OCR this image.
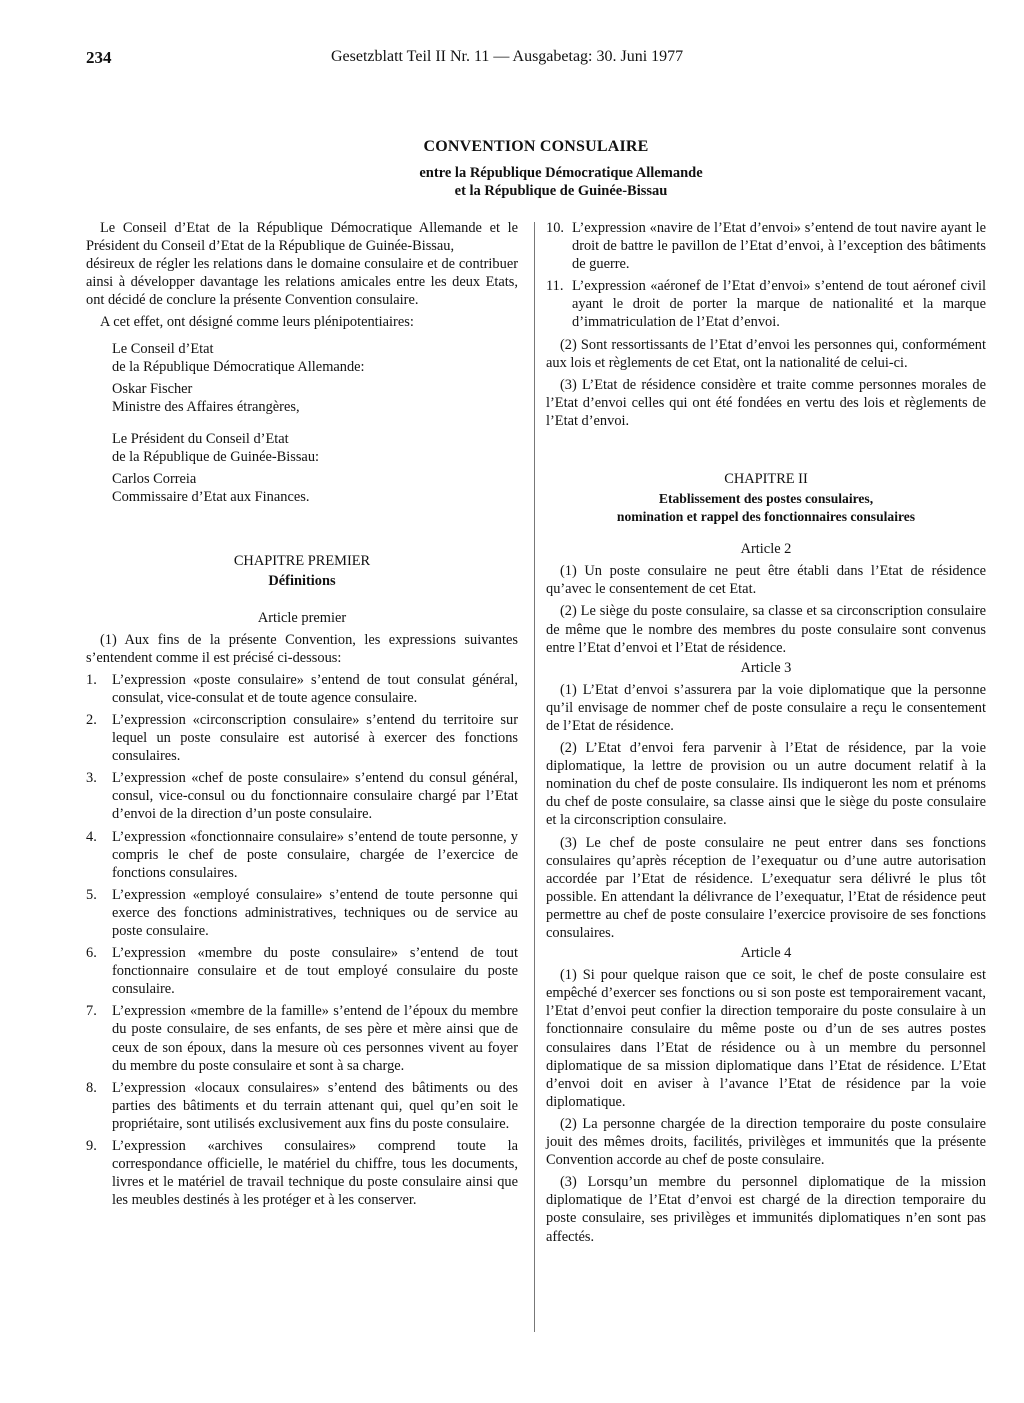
234	Gesetzblatt Teil II Nr. 11 — Ausgabetag: 30. Juni 1977

CONVENTION CONSULAIRE

entre la République Démocratique Allemande
et la République de Guinée-Bissau

Le Conseil d’Etat de la République Démocratique Allemande et le Président du Conseil d’Etat de la République de Guinée-Bissau,

désireux de régler les relations dans le domaine consulaire et de contribuer ainsi à développer davantage les relations amicales entre les deux Etats, ont décidé de conclure la présente Convention consulaire.

A cet effet, ont désigné comme leurs plénipotentiaires:

Le Conseil d’Etat

de la République Démocratique Allemande:

Oskar Fischer

Ministre des Affaires étrangères,

Le Président du Conseil d’Etat

de la République de Guinée-Bissau:

Carlos Correia

Commissaire d’Etat aux Finances.

CHAPITRE PREMIER

Définitions

Article premier

(1) Aux fins de la présente Convention, les expressions suivantes s’entendent comme il est précisé ci-dessous:

1.	L’expression «poste consulaire» s’entend de tout consulat général, consulat, vice-consulat et de toute agence consulaire.
2.	L’expression «circonscription consulaire» s’entend du territoire sur lequel un poste consulaire est autorisé à exercer des fonctions consulaires.
3.	L’expression «chef de poste consulaire» s’entend du consul général, consul, vice-consul ou du fonctionnaire consulaire chargé par l’Etat d’envoi de la direction d’un poste consulaire.
4.	L’expression «fonctionnaire consulaire» s’entend de toute personne, y compris le chef de poste consulaire, chargée de l’exercice de fonctions consulaires.
5.	L’expression «employé consulaire» s’entend de toute personne qui exerce des fonctions administratives, techniques ou de service au poste consulaire.
6.	L’expression «membre du poste consulaire» s’entend de tout fonctionnaire consulaire et de tout employé consulaire du poste consulaire.
7.	L’expression «membre de la famille» s’entend de l’époux du membre du poste consulaire, de ses enfants, de ses père et mère ainsi que de ceux de son époux, dans la mesure où ces personnes vivent au foyer du membre du poste consulaire et sont à sa charge.
8.	L’expression «locaux consulaires» s’entend des bâtiments ou des parties des bâtiments et du terrain attenant qui, quel qu’en soit le propriétaire, sont utilisés exclusivement aux fins du poste consulaire.
9.	L’expression «archives consulaires» comprend toute la correspondance officielle, le matériel du chiffre, tous les documents, livres et le matériel de travail technique du poste consulaire ainsi que les meubles destinés à les protéger et à les conserver.
10. L’expression «navire de l’Etat d’envoi» s’entend de tout navire ayant le droit de battre le pavillon de l’Etat d’envoi, à l’exception des bâtiments de guerre.
11. L’expression «aéronef de l’Etat d’envoi» s’entend de tout aéronef civil ayant le droit de porter la marque de nationalité et la marque d’immatriculation de l’Etat d’envoi.

(2) Sont ressortissants de l’Etat d’envoi les personnes qui, conformément aux lois et règlements de cet Etat, ont la nationalité de celui-ci.

(3) L’Etat de résidence considère et traite comme personnes morales de l’Etat d’envoi celles qui ont été fondées en vertu des lois et règlements de l’Etat d’envoi.

CHAPITRE II

Etablissement des postes consulaires,
nomination et rappel des fonctionnaires consulaires

Article 2

(1) Un poste consulaire ne peut être établi dans l’Etat de résidence qu’avec le consentement de cet Etat.

(2) Le siège du poste consulaire, sa classe et sa circonscription consulaire de même que le nombre des membres du poste consulaire sont convenus entre l’Etat d’envoi et l’Etat de résidence.

Article 3

(1) L’Etat d’envoi s’assurera par la voie diplomatique que la personne qu’il envisage de nommer chef de poste consulaire a reçu le consentement de l’Etat de résidence.

(2) L’Etat d’envoi fera parvenir à l’Etat de résidence, par la voie diplomatique, la lettre de provision ou un autre document relatif à la nomination du chef de poste consulaire. Ils indiqueront les nom et prénoms du chef de poste consulaire, sa classe ainsi que le siège du poste consulaire et la circonscription consulaire.

(3) Le chef de poste consulaire ne peut entrer dans ses fonctions consulaires qu’après réception de l’exequatur ou d’une autre autorisation accordée par l’Etat de résidence. L’exequatur sera délivré le plus tôt possible. En attendant la délivrance de l’exequatur, l’Etat de résidence peut permettre au chef de poste consulaire l’exercice provisoire de ses fonctions consulaires.

Article 4

(1) Si pour quelque raison que ce soit, le chef de poste consulaire est empêché d’exercer ses fonctions ou si son poste est temporairement vacant, l’Etat d’envoi peut confier la direction temporaire du poste consulaire à un fonctionnaire consulaire du même poste ou d’un de ses autres postes consulaires dans l’Etat de résidence ou à un membre du personnel diplomatique de sa mission diplomatique dans l’Etat de résidence. L’Etat d’envoi doit en aviser à l’avance l’Etat de résidence par la voie diplomatique.

(2) La personne chargée de la direction temporaire du poste consulaire jouit des mêmes droits, facilités, privilèges et immunités que la présente Convention accorde au chef de poste consulaire.

(3) Lorsqu’un membre du personnel diplomatique de la mission diplomatique de l’Etat d’envoi est chargé de la direction temporaire du poste consulaire, ses privilèges et immunités diplomatiques n’en sont pas affectés.
